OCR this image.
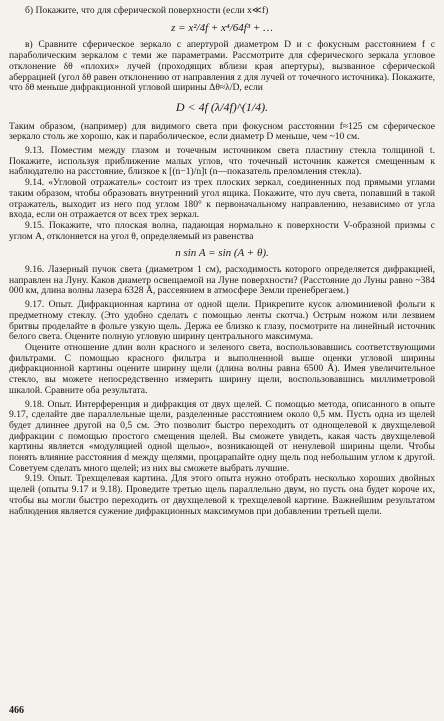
б) Покажите, что для сферической поверхности (если x≪f)

z = x²/4f + x⁴/64f³ + …

в) Сравните сферическое зеркало с апертурой диаметром D и с фокусным расстоянием f с параболическим зеркалом с теми же параметрами. Рассмотрите для сферического зеркала угловое отклонение δθ «плохих» лучей (проходящих вблизи края апертуры), вызванное сферической аберрацией (угол δθ равен отклонению от направления z для лучей от точечного источника). Покажите, что δθ меньше дифракционной угловой ширины Δθ≈λ/D, если

D < 4f (λ/4f)^(1/4).

Таким образом, (например) для видимого света при фокусном расстоянии f≈125 см сферическое зеркало столь же хорошо, как и параболическое, если диаметр D меньше, чем ~10 см.

9.13. Поместим между глазом и точечным источником света пластину стекла толщиной t. Покажите, используя приближение малых углов, что точечный источник кажется смещенным к наблюдателю на расстояние, близкое к [(n−1)/n]t (n—показатель преломления стекла).

9.14. «Угловой отражатель» состоит из трех плоских зеркал, соединенных под прямыми углами таким образом, чтобы образовать внутренний угол ящика. Покажите, что луч света, попавший в такой отражатель, выходит из него под углом 180° к первоначальному направлению, независимо от угла входа, если он отражается от всех трех зеркал.

9.15. Покажите, что плоская волна, падающая нормально к поверхности V-образной призмы с углом A, отклоняется на угол θ, определяемый из равенства

n sin A = sin (A + θ).

9.16. Лазерный пучок света (диаметром 1 см), расходимость которого определяется дифракцией, направлен на Луну. Каков диаметр освещаемой на Луне поверхности? (Расстояние до Луны равно ~384 000 км, длина волны лазера 6328 Å, рассеянием в атмосфере Земли пренебрегаем.)

9.17. Опыт. Дифракционная картина от одной щели. Прикрепите кусок алюминиевой фольги к предметному стеклу. (Это удобно сделать с помощью ленты скотча.) Острым ножом или лезвием бритвы проделайте в фольге узкую щель. Держа ее близко к глазу, посмотрите на линейный источник белого света. Оцените полную угловую ширину центрального максимума.

Оцените отношение длин волн красного и зеленого света, воспользовавшись соответствующими фильтрами. С помощью красного фильтра и выполненной выше оценки угловой ширины дифракционной картины оцените ширину щели (длина волны равна 6500 Å). Имея увеличительное стекло, вы можете непосредственно измерить ширину щели, воспользовавшись миллиметровой шкалой. Сравните оба результата.

9.18. Опыт. Интерференция и дифракция от двух щелей. С помощью метода, описанного в опыте 9.17, сделайте две параллельные щели, разделенные расстоянием около 0,5 мм. Пусть одна из щелей будет длиннее другой на 0,5 см. Это позволит быстро переходить от однощелевой к двухщелевой дифракции с помощью простого смещения щелей. Вы сможете увидеть, какая часть двухщелевой картины является «модуляцией одной щелью», возникающей от ненулевой ширины щели. Чтобы понять влияние расстояния d между щелями, процарапайте одну щель под небольшим углом к другой. Советуем сделать много щелей; из них вы сможете выбрать лучшие.

9.19. Опыт. Трехщелевая картина. Для этого опыта нужно отобрать несколько хороших двойных щелей (опыты 9.17 и 9.18). Проведите третью щель параллельно двум, но пусть она будет короче их, чтобы вы могли быстро переходить от двухщелевой к трехщелевой картине. Важнейшим результатом наблюдения является сужение дифракционных максимумов при добавлении третьей щели.

466
